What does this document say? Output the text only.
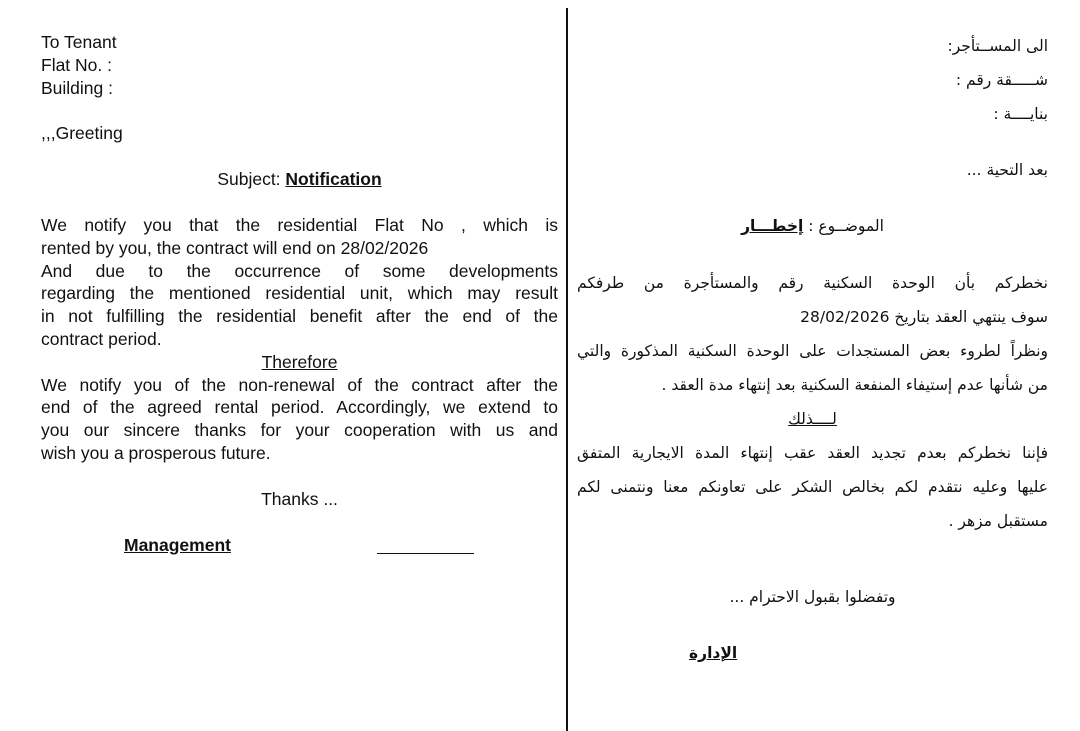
To Tenant
Flat No. :
Building :
,,,Greeting
Subject: Notification
We notify you that the residential Flat No , which is
rented by you, the contract will end on 28/02/2026
And due to the occurrence of some developments
regarding the mentioned residential unit, which may result
in not fulfilling the residential benefit after the end of the
contract period.
Therefore
We notify you of the non-renewal of the contract after the
end of the agreed rental period. Accordingly, we extend to
you our sincere thanks for your cooperation with us and
wish you a prosperous future.
Thanks ...
Management
الى المســتأجر:
شـــــقة رقم :
بنايــــة :
بعد التحية ...
الموضــوع : إخطـــار
نخطركم بأن الوحدة السكنية رقم والمستأجرة من طرفكم
سوف ينتهي العقد بتاريخ 28/02/2026
ونظراً لطروء بعض المستجدات على الوحدة السكنية المذكورة والتي
من شأنها عدم إستيفاء المنفعة السكنية بعد إنتهاء مدة العقد .
لــــذلك
فإننا نخطركم بعدم تجديد العقد عقب إنتهاء المدة الايجارية المتفق
عليها وعليه نتقدم لكم بخالص الشكر على تعاونكم معنا ونتمنى لكم
مستقبل مزهر .
وتفضلوا بقبول الاحترام ...
الإدارة
